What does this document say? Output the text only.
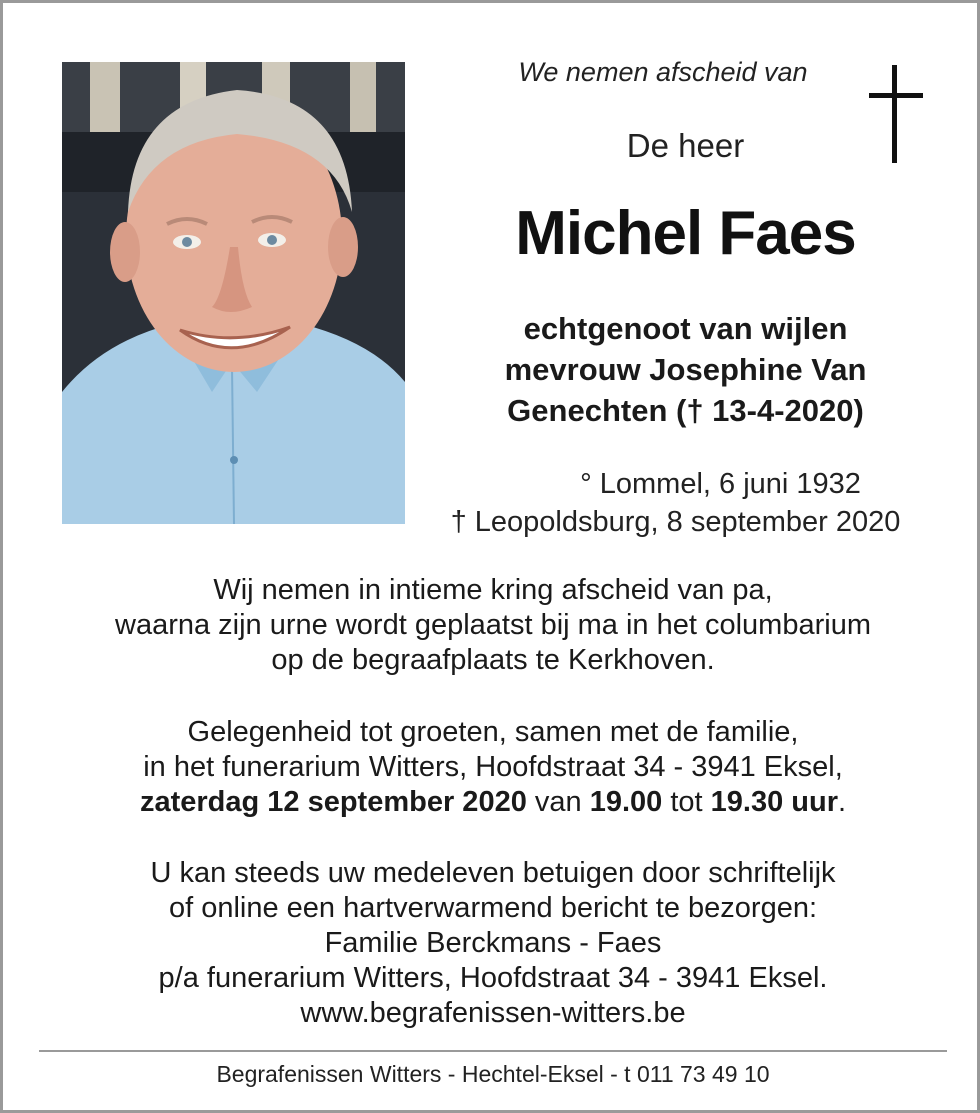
We nemen afscheid van
De heer
Michel Faes
echtgenoot van wijlen
mevrouw Josephine Van
Genechten († 13-4-2020)
° Lommel, 6 juni 1932
† Leopoldsburg, 8 september 2020
Wij nemen in intieme kring afscheid van pa,
waarna zijn urne wordt geplaatst bij ma in het columbarium
op de begraafplaats te Kerkhoven.
Gelegenheid tot groeten, samen met de familie,
in het funerarium Witters, Hoofdstraat 34 - 3941 Eksel,
zaterdag 12 september 2020 van 19.00 tot 19.30 uur.
U kan steeds uw medeleven betuigen door schriftelijk
of online een hartverwarmend bericht te bezorgen:
Familie Berckmans - Faes
p/a funerarium Witters, Hoofdstraat 34 - 3941 Eksel.
www.begrafenissen-witters.be
Begrafenissen Witters - Hechtel-Eksel - t 011 73 49 10
